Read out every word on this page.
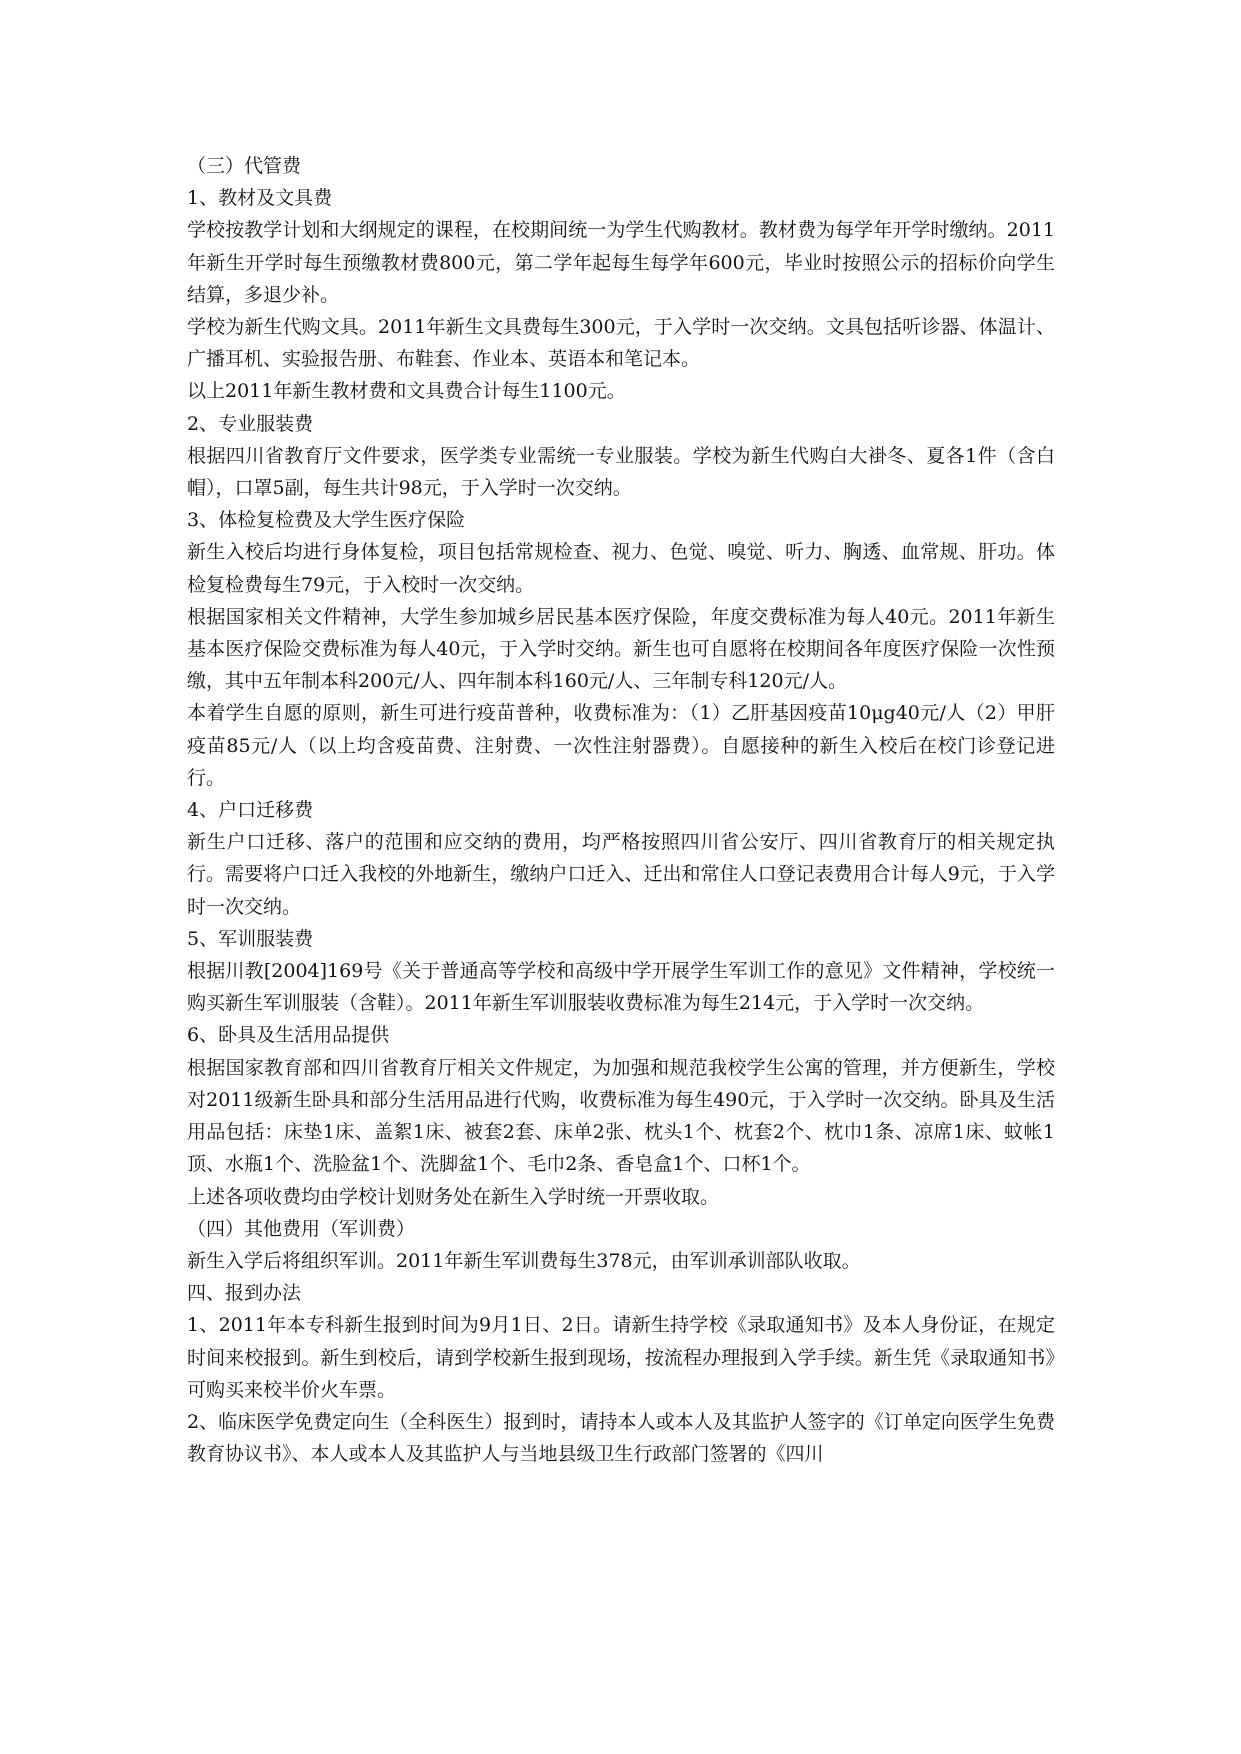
（三）代管费

1、教材及文具费

学校按教学计划和大纲规定的课程，在校期间统一为学生代购教材。教材费为每学年开学时缴纳。2011年新生开学时每生预缴教材费800元，第二学年起每生每学年600元，毕业时按照公示的招标价向学生结算，多退少补。

学校为新生代购文具。2011年新生文具费每生300元，于入学时一次交纳。文具包括听诊器、体温计、广播耳机、实验报告册、布鞋套、作业本、英语本和笔记本。

以上2011年新生教材费和文具费合计每生1100元。

2、专业服装费

根据四川省教育厅文件要求，医学类专业需统一专业服装。学校为新生代购白大褂冬、夏各1件（含白帽），口罩5副，每生共计98元，于入学时一次交纳。

3、体检复检费及大学生医疗保险

新生入校后均进行身体复检，项目包括常规检查、视力、色觉、嗅觉、听力、胸透、血常规、肝功。体检复检费每生79元，于入校时一次交纳。

根据国家相关文件精神，大学生参加城乡居民基本医疗保险，年度交费标准为每人40元。2011年新生基本医疗保险交费标准为每人40元，于入学时交纳。新生也可自愿将在校期间各年度医疗保险一次性预缴，其中五年制本科200元/人、四年制本科160元/人、三年制专科120元/人。

本着学生自愿的原则，新生可进行疫苗普种，收费标准为：（1）乙肝基因疫苗10μg40元/人（2）甲肝疫苗85元/人（以上均含疫苗费、注射费、一次性注射器费）。自愿接种的新生入校后在校门诊登记进行。

4、户口迁移费

新生户口迁移、落户的范围和应交纳的费用，均严格按照四川省公安厅、四川省教育厅的相关规定执行。需要将户口迁入我校的外地新生，缴纳户口迁入、迁出和常住人口登记表费用合计每人9元，于入学时一次交纳。

5、军训服装费

根据川教[2004]169号《关于普通高等学校和高级中学开展学生军训工作的意见》文件精神，学校统一购买新生军训服装（含鞋）。2011年新生军训服装收费标准为每生214元，于入学时一次交纳。

6、卧具及生活用品提供

根据国家教育部和四川省教育厅相关文件规定，为加强和规范我校学生公寓的管理，并方便新生，学校对2011级新生卧具和部分生活用品进行代购，收费标准为每生490元，于入学时一次交纳。卧具及生活用品包括：床垫1床、盖絮1床、被套2套、床单2张、枕头1个、枕套2个、枕巾1条、凉席1床、蚊帐1顶、水瓶1个、洗脸盆1个、洗脚盆1个、毛巾2条、香皂盒1个、口杯1个。

上述各项收费均由学校计划财务处在新生入学时统一开票收取。

（四）其他费用（军训费）

新生入学后将组织军训。2011年新生军训费每生378元，由军训承训部队收取。

四、报到办法

1、2011年本专科新生报到时间为9月1日、2日。请新生持学校《录取通知书》及本人身份证，在规定时间来校报到。新生到校后，请到学校新生报到现场，按流程办理报到入学手续。新生凭《录取通知书》可购买来校半价火车票。

2、临床医学免费定向生（全科医生）报到时，请持本人或本人及其监护人签字的《订单定向医学生免费教育协议书》、本人或本人及其监护人与当地县级卫生行政部门签署的《四川
